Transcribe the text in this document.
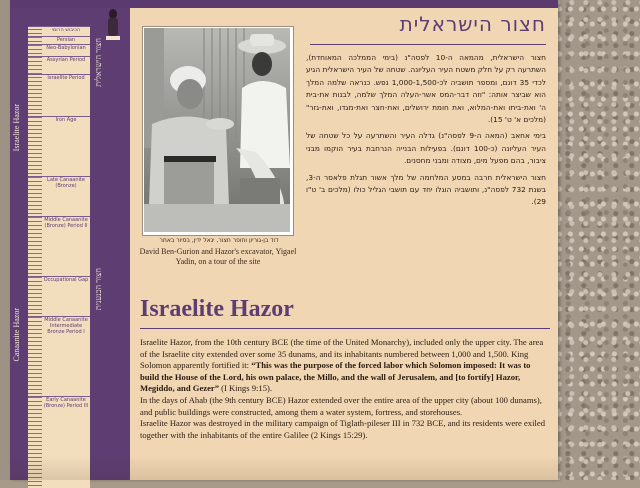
הכיבוש הרומי
Persian
Neo-Babylonian
Assyrian Period
Israelite Period
Iron Age
Late Canaanite (Bronze)
Middle Canaanite (Bronze) Period II
Occupational Gap
Middle Canaanite Intermediate Bronze Period I
Early Canaanite (Bronze) Period III
Israelite Hazor
Canaanite Hazor
חצור הישראלית
חצור הכנענית
דוד בן-גוריון וחופר חצור, יגאל ידין, בסיור באתר
David Ben-Gurion and Hazor's excavator, Yigael Yadin, on a tour of the site
חצור הישראלית

חצור הישראלית, מהמאה ה-10 לפסה"נ (בימי הממלכה המאוחדת), השתרעה רק על חלק משטח העיר העליונה. שטחה של העיר הישראלית הגיע לכדי 35 דונם, ומספר תושביה לכ-1,000-1,500 נפש. כנראה שלמה המלך הוא שביצר אותה: "וזה דבר-המס אשר-העלה המלך שלמה, לבנות את-בית ה' ואת-ביתו ואת-המלוא, ואת חומת ירושלים, ואת-חצר ואת-מגדו, ואת-גזר" (מלכים א' ט' 15).

בימי אחאב (המאה ה-9 לפסה"נ) גדלה העיר והשתרעה על כל שטחה של העיר העליונה (כ-100 דונם). בפעילות הבנייה הנרחבת בעיר הוקמו מבני ציבור, בהם מפעל מים, מצודה ומבני מחסנים.

חצור הישראלית חרבה במסע המלחמה של מלך אשור תגלת פלאסר ה-3, בשנת 732 לפסה"נ, ותושביה הוגלו יחד עם תושבי הגליל כולו (מלכים ב' ט"ו 29).

Israelite Hazor
Israelite Hazor, from the 10th century BCE (the time of the United Monarchy), included only the upper city. The area of the Israelite city extended over some 35 dunams, and its inhabitants numbered between 1,000 and 1,500. King Solomon apparently fortified it: “This was the purpose of the forced labor which Solomon imposed: It was to build the House of the Lord, his own palace, the Millo, and the wall of Jerusalem, and [to fortify] Hazor, Megiddo, and Gezer” (I Kings 9:15).
In the days of Ahab (the 9th century BCE) Hazor extended over the entire area of the upper city (about 100 dunams), and public buildings were constructed, among them a water system, fortress, and storehouses.
Israelite Hazor was destroyed in the military campaign of Tiglath-pileser III in 732 BCE, and its residents were exiled together with the inhabitants of the entire Galilee (2 Kings 15:29).
